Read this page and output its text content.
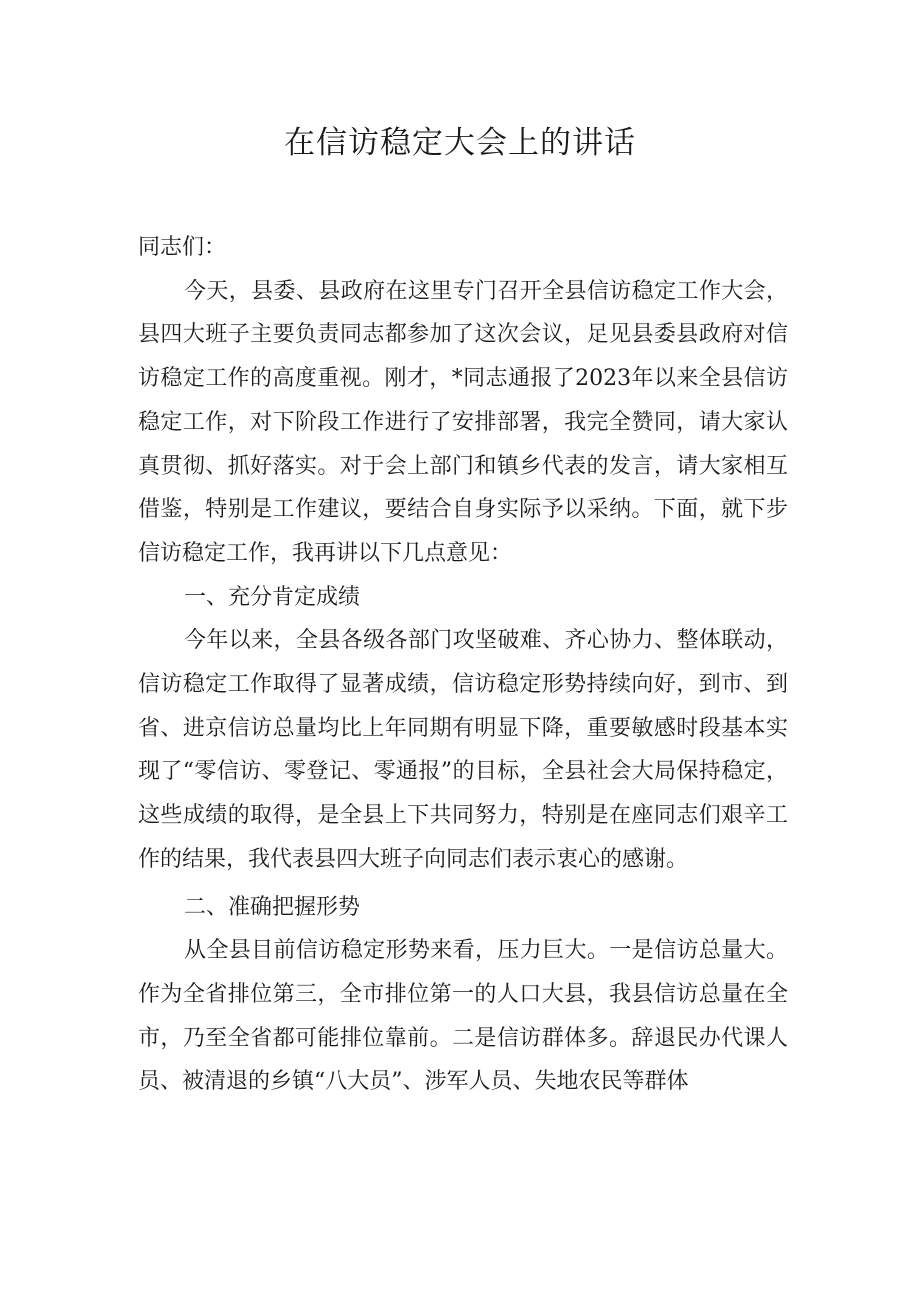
在信访稳定大会上的讲话

同志们：

今天，县委、县政府在这里专门召开全县信访稳定工作大会，县四大班子主要负责同志都参加了这次会议，足见县委县政府对信访稳定工作的高度重视。刚才，*同志通报了2023年以来全县信访稳定工作，对下阶段工作进行了安排部署，我完全赞同，请大家认真贯彻、抓好落实。对于会上部门和镇乡代表的发言，请大家相互借鉴，特别是工作建议，要结合自身实际予以采纳。下面，就下步信访稳定工作，我再讲以下几点意见：

一、充分肯定成绩

今年以来，全县各级各部门攻坚破难、齐心协力、整体联动，信访稳定工作取得了显著成绩，信访稳定形势持续向好，到市、到省、进京信访总量均比上年同期有明显下降，重要敏感时段基本实现了“零信访、零登记、零通报”的目标，全县社会大局保持稳定，这些成绩的取得，是全县上下共同努力，特别是在座同志们艰辛工作的结果，我代表县四大班子向同志们表示衷心的感谢。

二、准确把握形势

从全县目前信访稳定形势来看，压力巨大。一是信访总量大。作为全省排位第三，全市排位第一的人口大县，我县信访总量在全市，乃至全省都可能排位靠前。二是信访群体多。辞退民办代课人员、被清退的乡镇“八大员”、涉军人员、失地农民等群体
